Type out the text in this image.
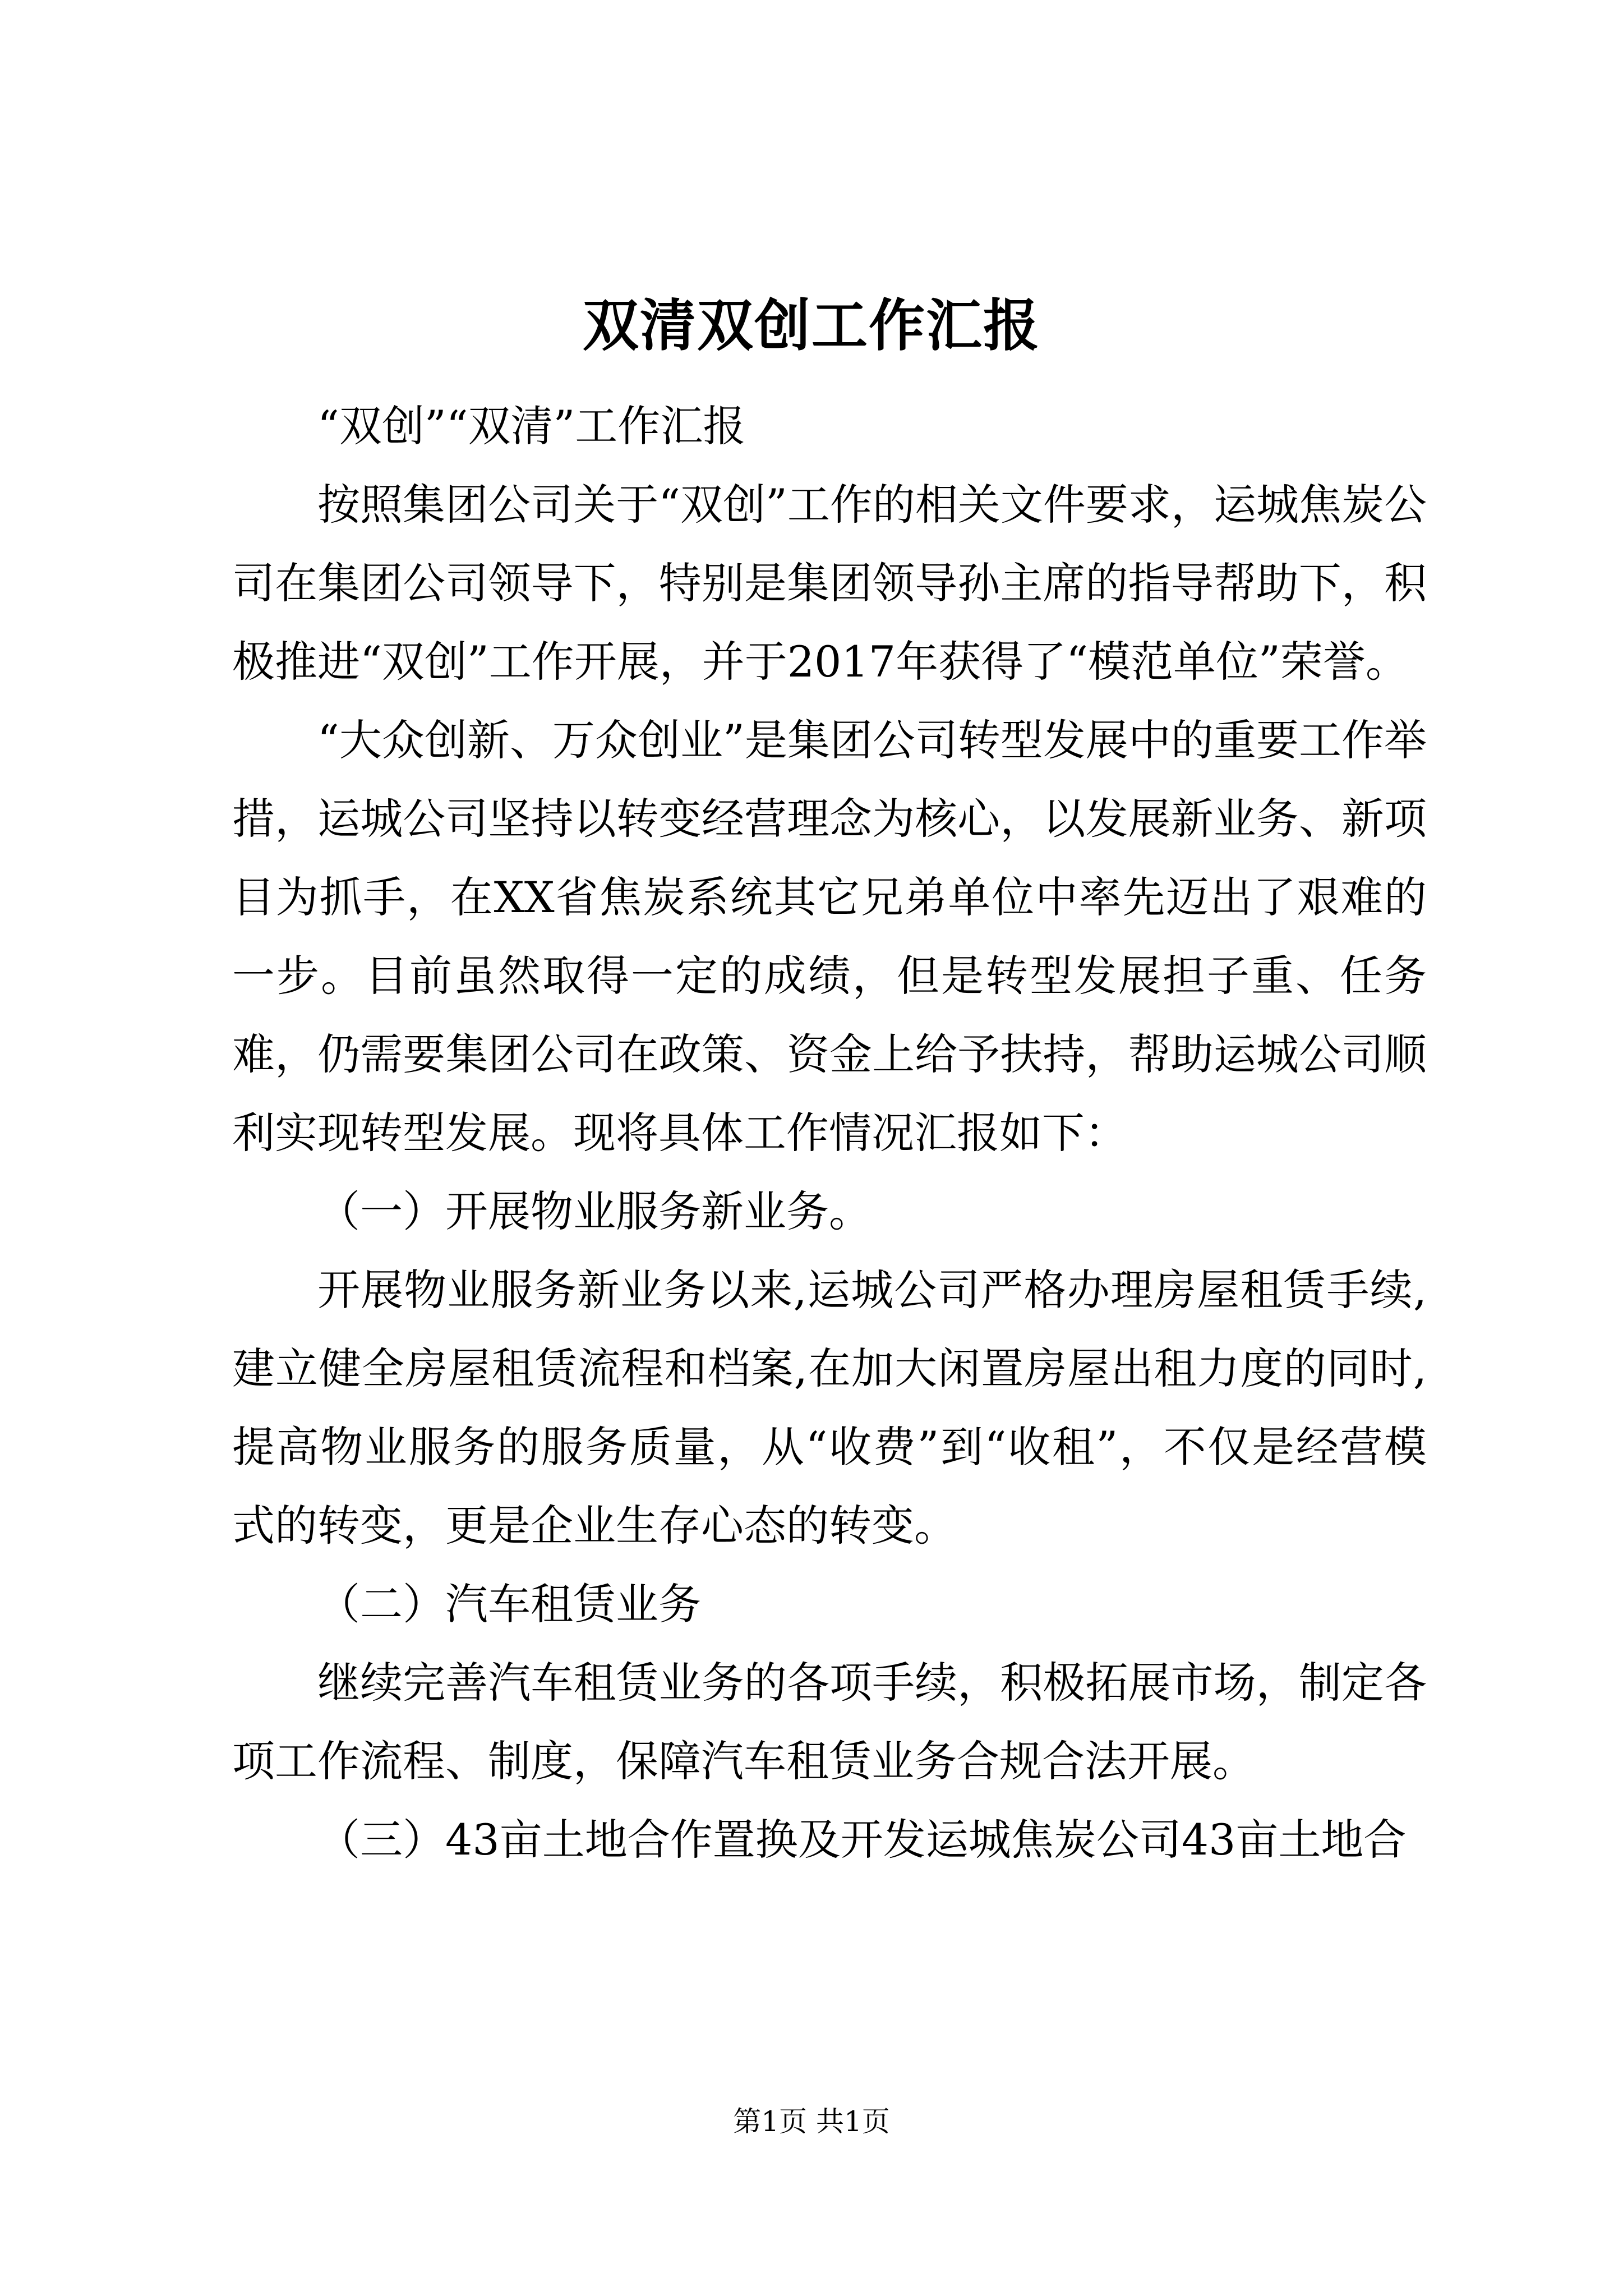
双清双创工作汇报

“双创”“双清”工作汇报

按照集团公司关于“双创”工作的相关文件要求，运城焦炭公司在集团公司领导下，特别是集团领导孙主席的指导帮助下，积极推进“双创”工作开展，并于2017年获得了“模范单位”荣誉。

“大众创新、万众创业”是集团公司转型发展中的重要工作举措，运城公司坚持以转变经营理念为核心，以发展新业务、新项目为抓手，在XX省焦炭系统其它兄弟单位中率先迈出了艰难的一步。目前虽然取得一定的成绩，但是转型发展担子重、任务难，仍需要集团公司在政策、资金上给予扶持，帮助运城公司顺利实现转型发展。现将具体工作情况汇报如下：

（一）开展物业服务新业务。

开展物业服务新业务以来,运城公司严格办理房屋租赁手续,建立健全房屋租赁流程和档案,在加大闲置房屋出租力度的同时,提高物业服务的服务质量，从“收费”到“收租”，不仅是经营模式的转变，更是企业生存心态的转变。

（二）汽车租赁业务

继续完善汽车租赁业务的各项手续，积极拓展市场，制定各项工作流程、制度，保障汽车租赁业务合规合法开展。

（三）43亩土地合作置换及开发运城焦炭公司43亩土地合

第1页 共1页
